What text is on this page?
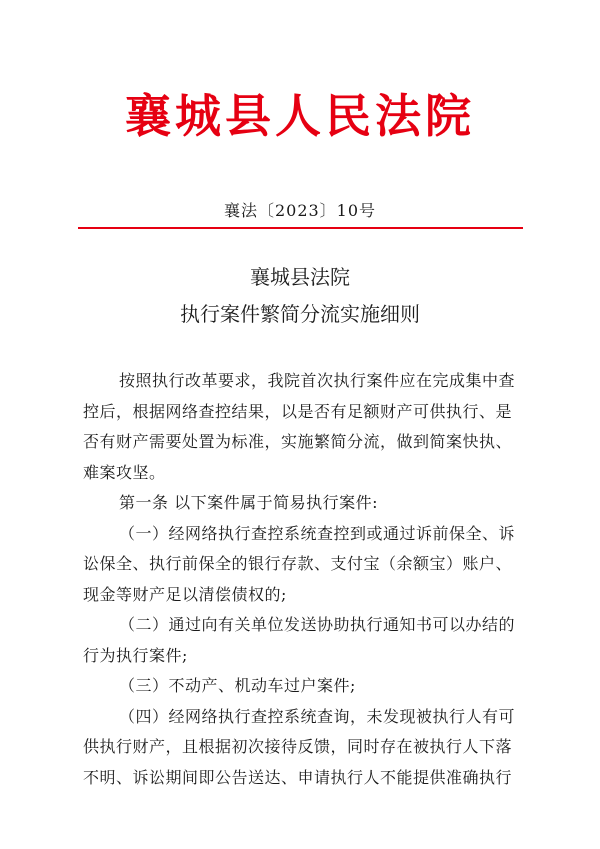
襄城县人民法院
襄法〔2023〕10号
襄城县法院
执行案件繁简分流实施细则
按照执行改革要求，我院首次执行案件应在完成集中查
控后，根据网络查控结果，以是否有足额财产可供执行、是
否有财产需要处置为标准，实施繁简分流，做到简案快执、
难案攻坚。
第一条 以下案件属于简易执行案件:
（一）经网络执行查控系统查控到或通过诉前保全、诉
讼保全、执行前保全的银行存款、支付宝（余额宝）账户、
现金等财产足以清偿债权的;
（二）通过向有关单位发送协助执行通知书可以办结的
行为执行案件;
（三）不动产、机动车过户案件;
（四）经网络执行查控系统查询，未发现被执行人有可
供执行财产，且根据初次接待反馈，同时存在被执行人下落
不明、诉讼期间即公告送达、申请执行人不能提供准确执行
